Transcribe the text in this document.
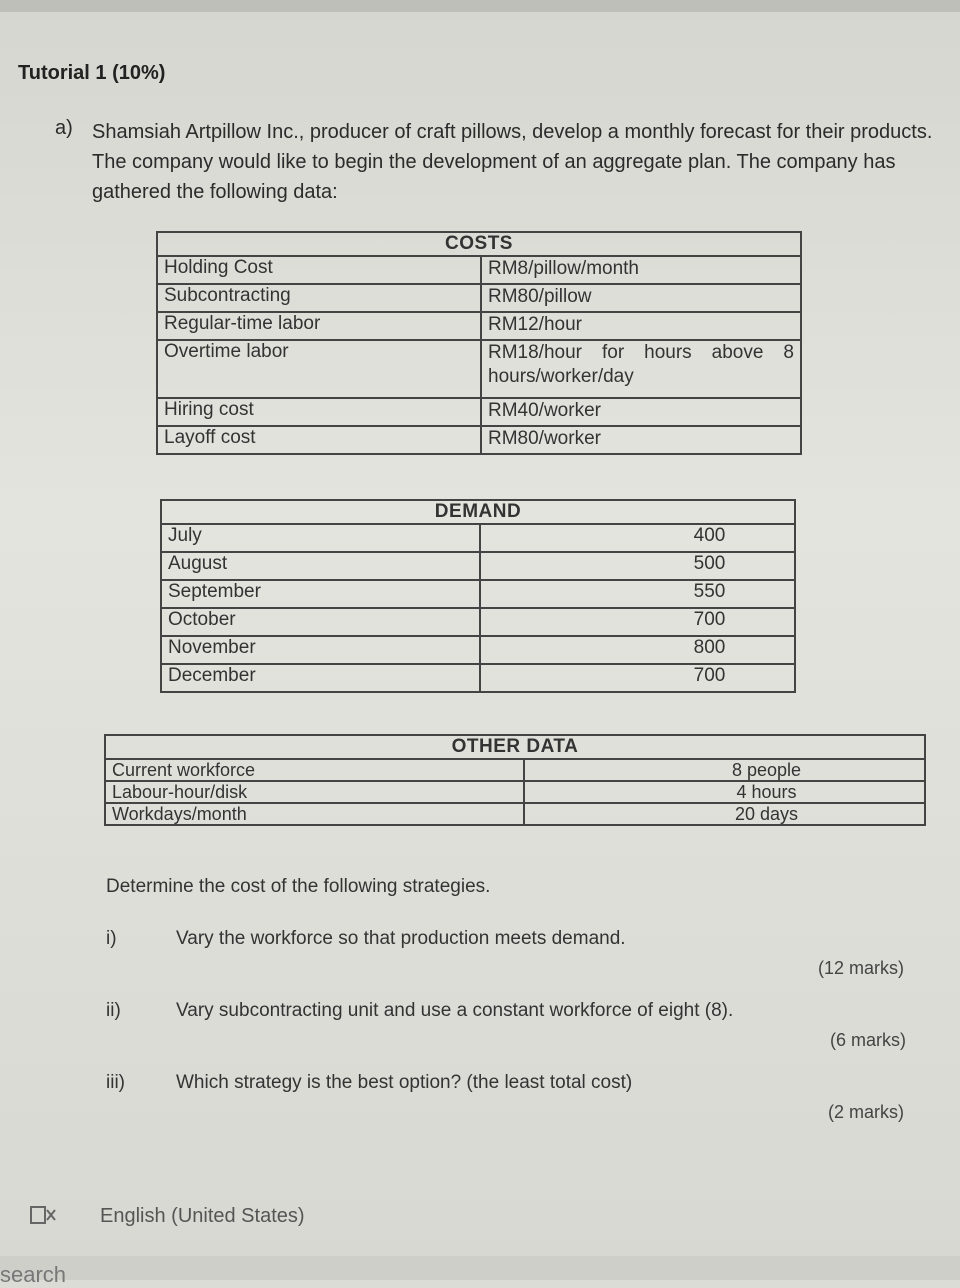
Tutorial 1 (10%)
a) Shamsiah Artpillow Inc., producer of craft pillows, develop a monthly forecast for their products. The company would like to begin the development of an aggregate plan. The company has gathered the following data:
COSTS	
Holding Cost	RM8/pillow/month
Subcontracting	RM80/pillow
Regular-time labor	RM12/hour
Overtime labor	RM18/hour for hours above 8 hours/worker/day
Hiring cost	RM40/worker
Layoff cost	RM80/worker
DEMAND	
July	400
August	500
September	550
October	700
November	800
December	700
OTHER DATA	
Current workforce	8 people
Labour-hour/disk	4 hours
Workdays/month	20 days
Determine the cost of the following strategies.
i)	Vary the workforce so that production meets demand.
(12 marks)
ii)	Vary subcontracting unit and use a constant workforce of eight (8).
(6 marks)
iii)	Which strategy is the best option? (the least total cost)
(2 marks)
English (United States)
search
